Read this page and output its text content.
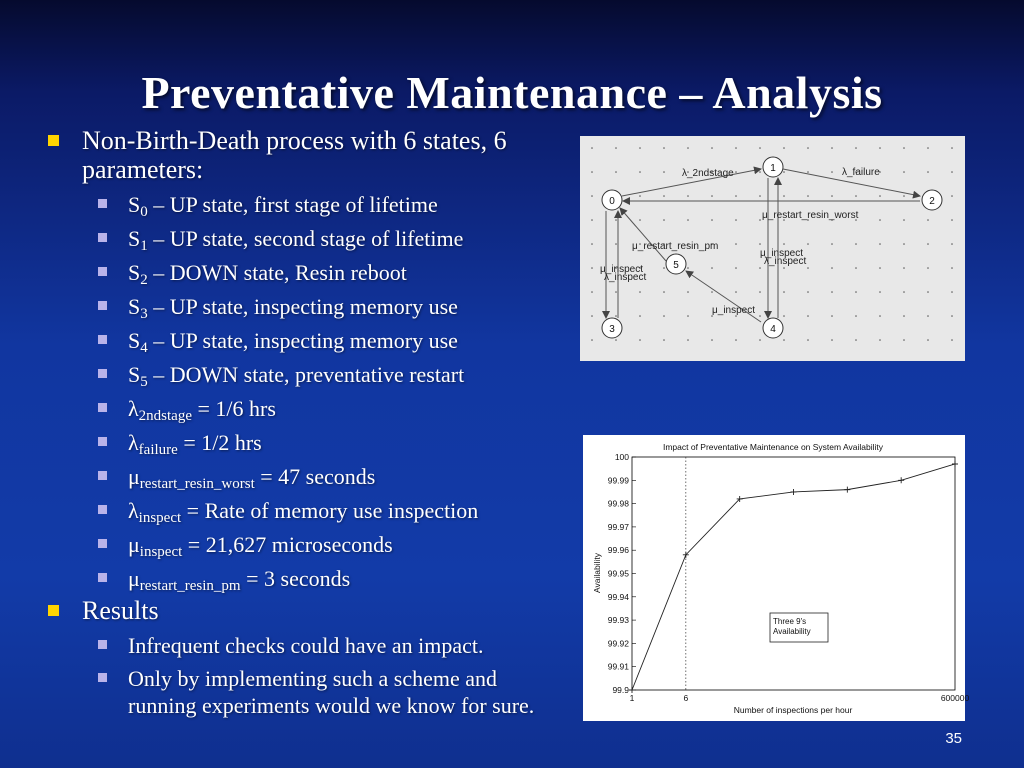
Preventative Maintenance – Analysis
Non-Birth-Death process with 6 states, 6 parameters:
$S_0$ – UP state, first stage of lifetime
$S_1$ – UP state, second stage of lifetime
$S_2$ – DOWN state, Resin reboot
$S_3$ – UP state, inspecting memory use
$S_4$ – UP state, inspecting memory use
$S_5$ – DOWN state, preventative restart
$\lambda_{2ndstage} = 1/6$ hrs
$\lambda_{failure} = 1/2$ hrs
$\mu_{restart\_resin\_worst} = 47$ seconds
$\lambda_{inspect}$ = Rate of memory use inspection
$\mu_{inspect} = 21,627$ microseconds
$\mu_{restart\_resin\_pm} = 3$ seconds
Results
Infrequent checks could have an impact.
Only by implementing such a scheme and running experiments would we know for sure.
λ_2ndstage	λ_failure
μ_restart_resin_worst
μ_restart_resin_pm
μ_inspect
λ_inspect
μ_inspect
λ_inspect
μ_inspect
0
1
2
3	4
5
Impact of Preventative Maintenance on System Availability
100
99.99
99.98
99.97
99.96
99.95
99.94
99.93
99.92
99.91
99.9
1	6	600000
Three 9's
Availability
Number of inspections per hour
Availability
35
